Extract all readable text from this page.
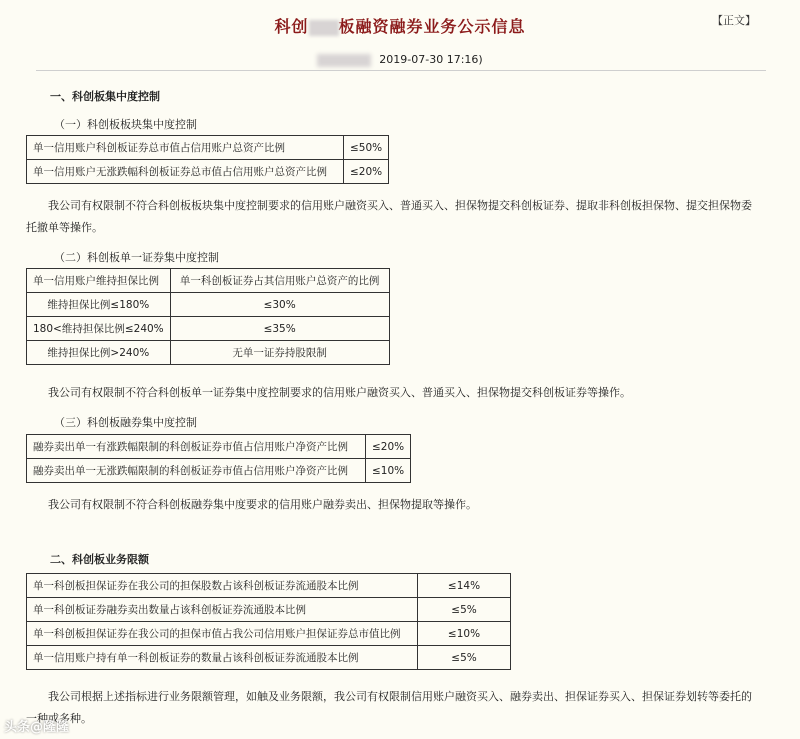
科创 板融资融券业务公示信息	【正文】
2019-07-30 17:16)
一、科创板集中度控制
（一）科创板板块集中度控制
单一信用账户科创板证券总市值占信用账户总资产比例	≤50%
单一信用账户无涨跌幅科创板证券总市值占信用账户总资产比例	≤20%
我公司有权限制不符合科创板板块集中度控制要求的信用账户融资买入、普通买入、担保物提交科创板证券、提取非科创板担保物、提交担保物委托撤单等操作。
（二）科创板单一证券集中度控制
单一信用账户维持担保比例	单一科创板证券占其信用账户总资产的比例
维持担保比例≤180%	≤30%
180<维持担保比例≤240%	≤35%
维持担保比例>240%	无单一证券持股限制
我公司有权限制不符合科创板单一证券集中度控制要求的信用账户融资买入、普通买入、担保物提交科创板证券等操作。
（三）科创板融券集中度控制
融券卖出单一有涨跌幅限制的科创板证券市值占信用账户净资产比例	≤20%
融券卖出单一无涨跌幅限制的科创板证券市值占信用账户净资产比例	≤10%
我公司有权限制不符合科创板融券集中度要求的信用账户融券卖出、担保物提取等操作。
二、科创板业务限额
单一科创板担保证券在我公司的担保股数占该科创板证券流通股本比例	≤14%
单一科创板证券融券卖出数量占该科创板证券流通股本比例	≤5%
单一科创板担保证券在我公司的担保市值占我公司信用账户担保证券总市值比例	≤10%
单一信用账户持有单一科创板证券的数量占该科创板证券流通股本比例	≤5%
我公司根据上述指标进行业务限额管理，如触及业务限额，我公司有权限制信用账户融资买入、融券卖出、担保证券买入、担保证券划转等委托的一种或多种。
头条@隆隆
